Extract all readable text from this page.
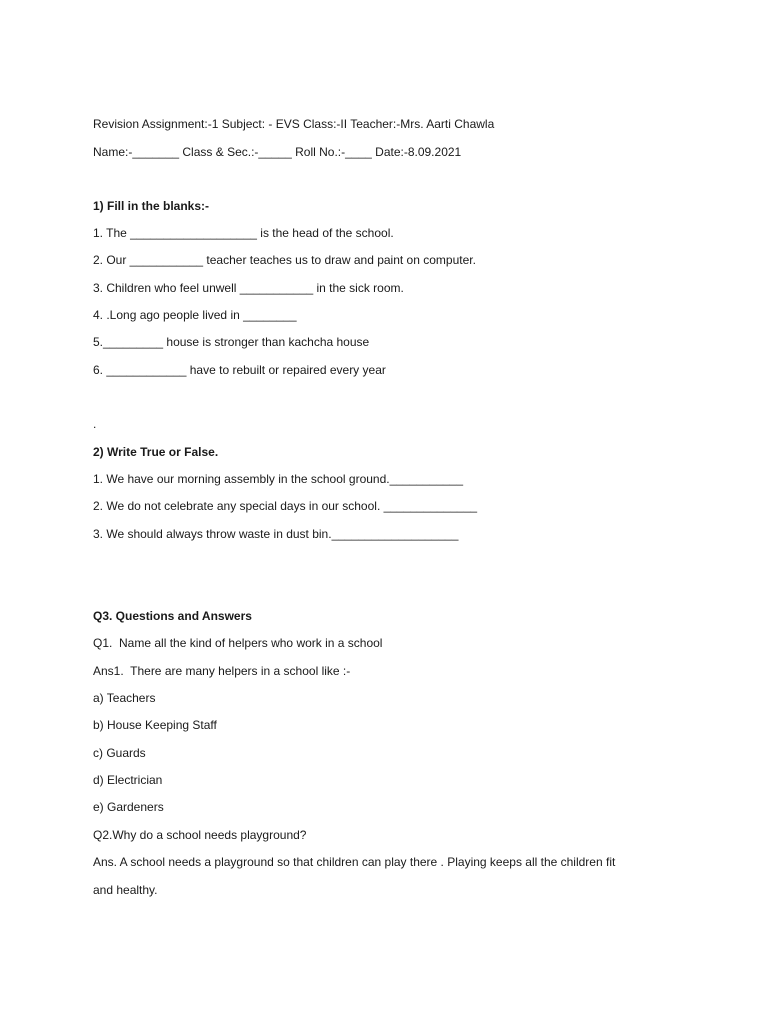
Revision Assignment:-1 Subject: - EVS Class:-II Teacher:-Mrs. Aarti Chawla
Name:-_______ Class & Sec.:-_____ Roll No.:-____ Date:-8.09.2021
1) Fill in the blanks:-
1. The ___________________ is the head of the school.
2. Our ___________ teacher teaches us to draw and paint on computer.
3. Children who feel unwell ___________ in the sick room.
4. .Long ago people lived in ________
5._________ house is stronger than kachcha house
6. ____________ have to rebuilt or repaired every year
.
2) Write True or False.
1. We have our morning assembly in the school ground.___________
2. We do not celebrate any special days in our school. ______________
3. We should always throw waste in dust bin.___________________
Q3. Questions and Answers
Q1.  Name all the kind of helpers who work in a school
Ans1.  There are many helpers in a school like :-
a) Teachers
b) House Keeping Staff
c) Guards
d) Electrician
e) Gardeners
Q2.Why do a school needs playground?
Ans. A school needs a playground so that children can play there . Playing keeps all the children fit
and healthy.
